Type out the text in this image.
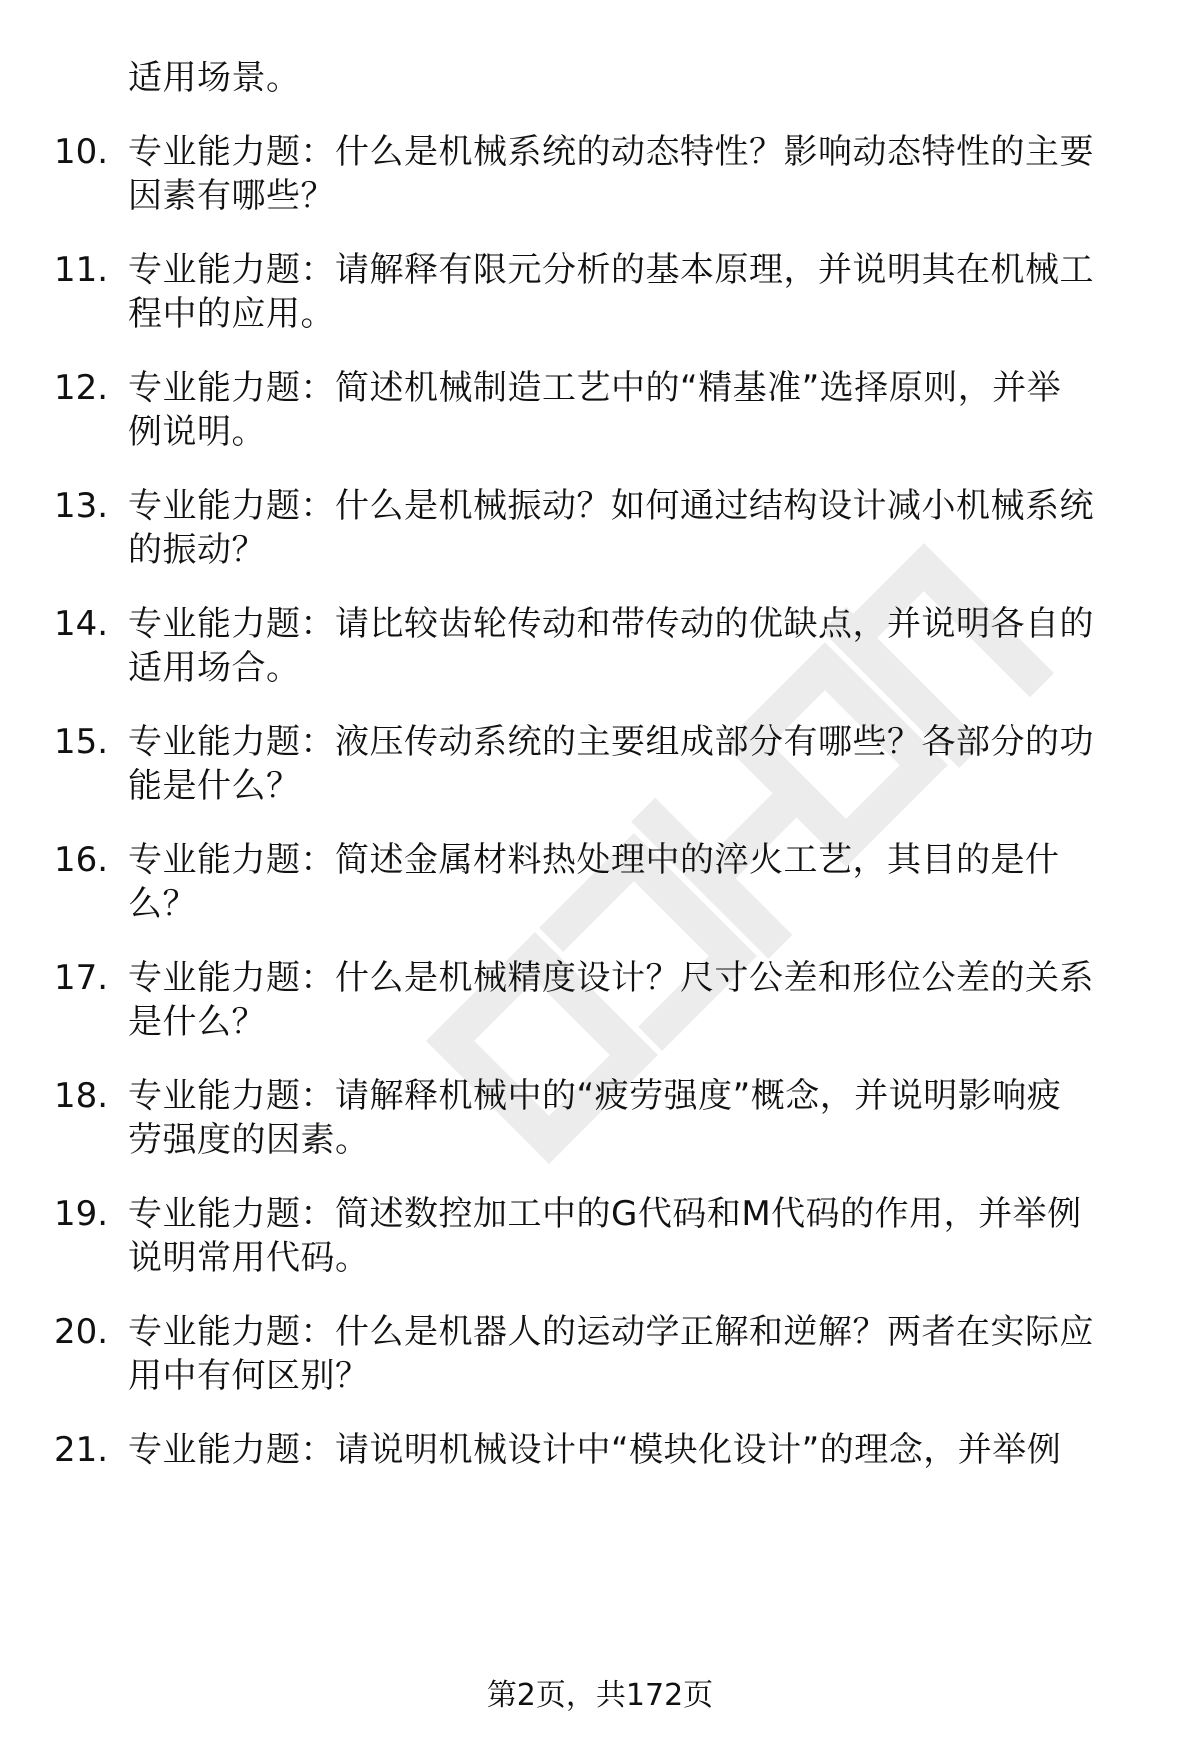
适用场景。
10. 专业能力题：什么是机械系统的动态特性？影响动态特性的主要
因素有哪些？
11. 专业能力题：请解释有限元分析的基本原理，并说明其在机械工
程中的应用。
12. 专业能力题：简述机械制造工艺中的“精基准”选择原则，并举
例说明。
13. 专业能力题：什么是机械振动？如何通过结构设计减小机械系统
的振动？
14. 专业能力题：请比较齿轮传动和带传动的优缺点，并说明各自的
适用场合。
15. 专业能力题：液压传动系统的主要组成部分有哪些？各部分的功
能是什么？
16. 专业能力题：简述金属材料热处理中的淬火工艺，其目的是什
么？
17. 专业能力题：什么是机械精度设计？尺寸公差和形位公差的关系
是什么？
18. 专业能力题：请解释机械中的“疲劳强度”概念，并说明影响疲
劳强度的因素。
19. 专业能力题：简述数控加工中的G代码和M代码的作用，并举例
说明常用代码。
20. 专业能力题：什么是机器人的运动学正解和逆解？两者在实际应
用中有何区别？
21. 专业能力题：请说明机械设计中“模块化设计”的理念，并举例
第2页，共172页
